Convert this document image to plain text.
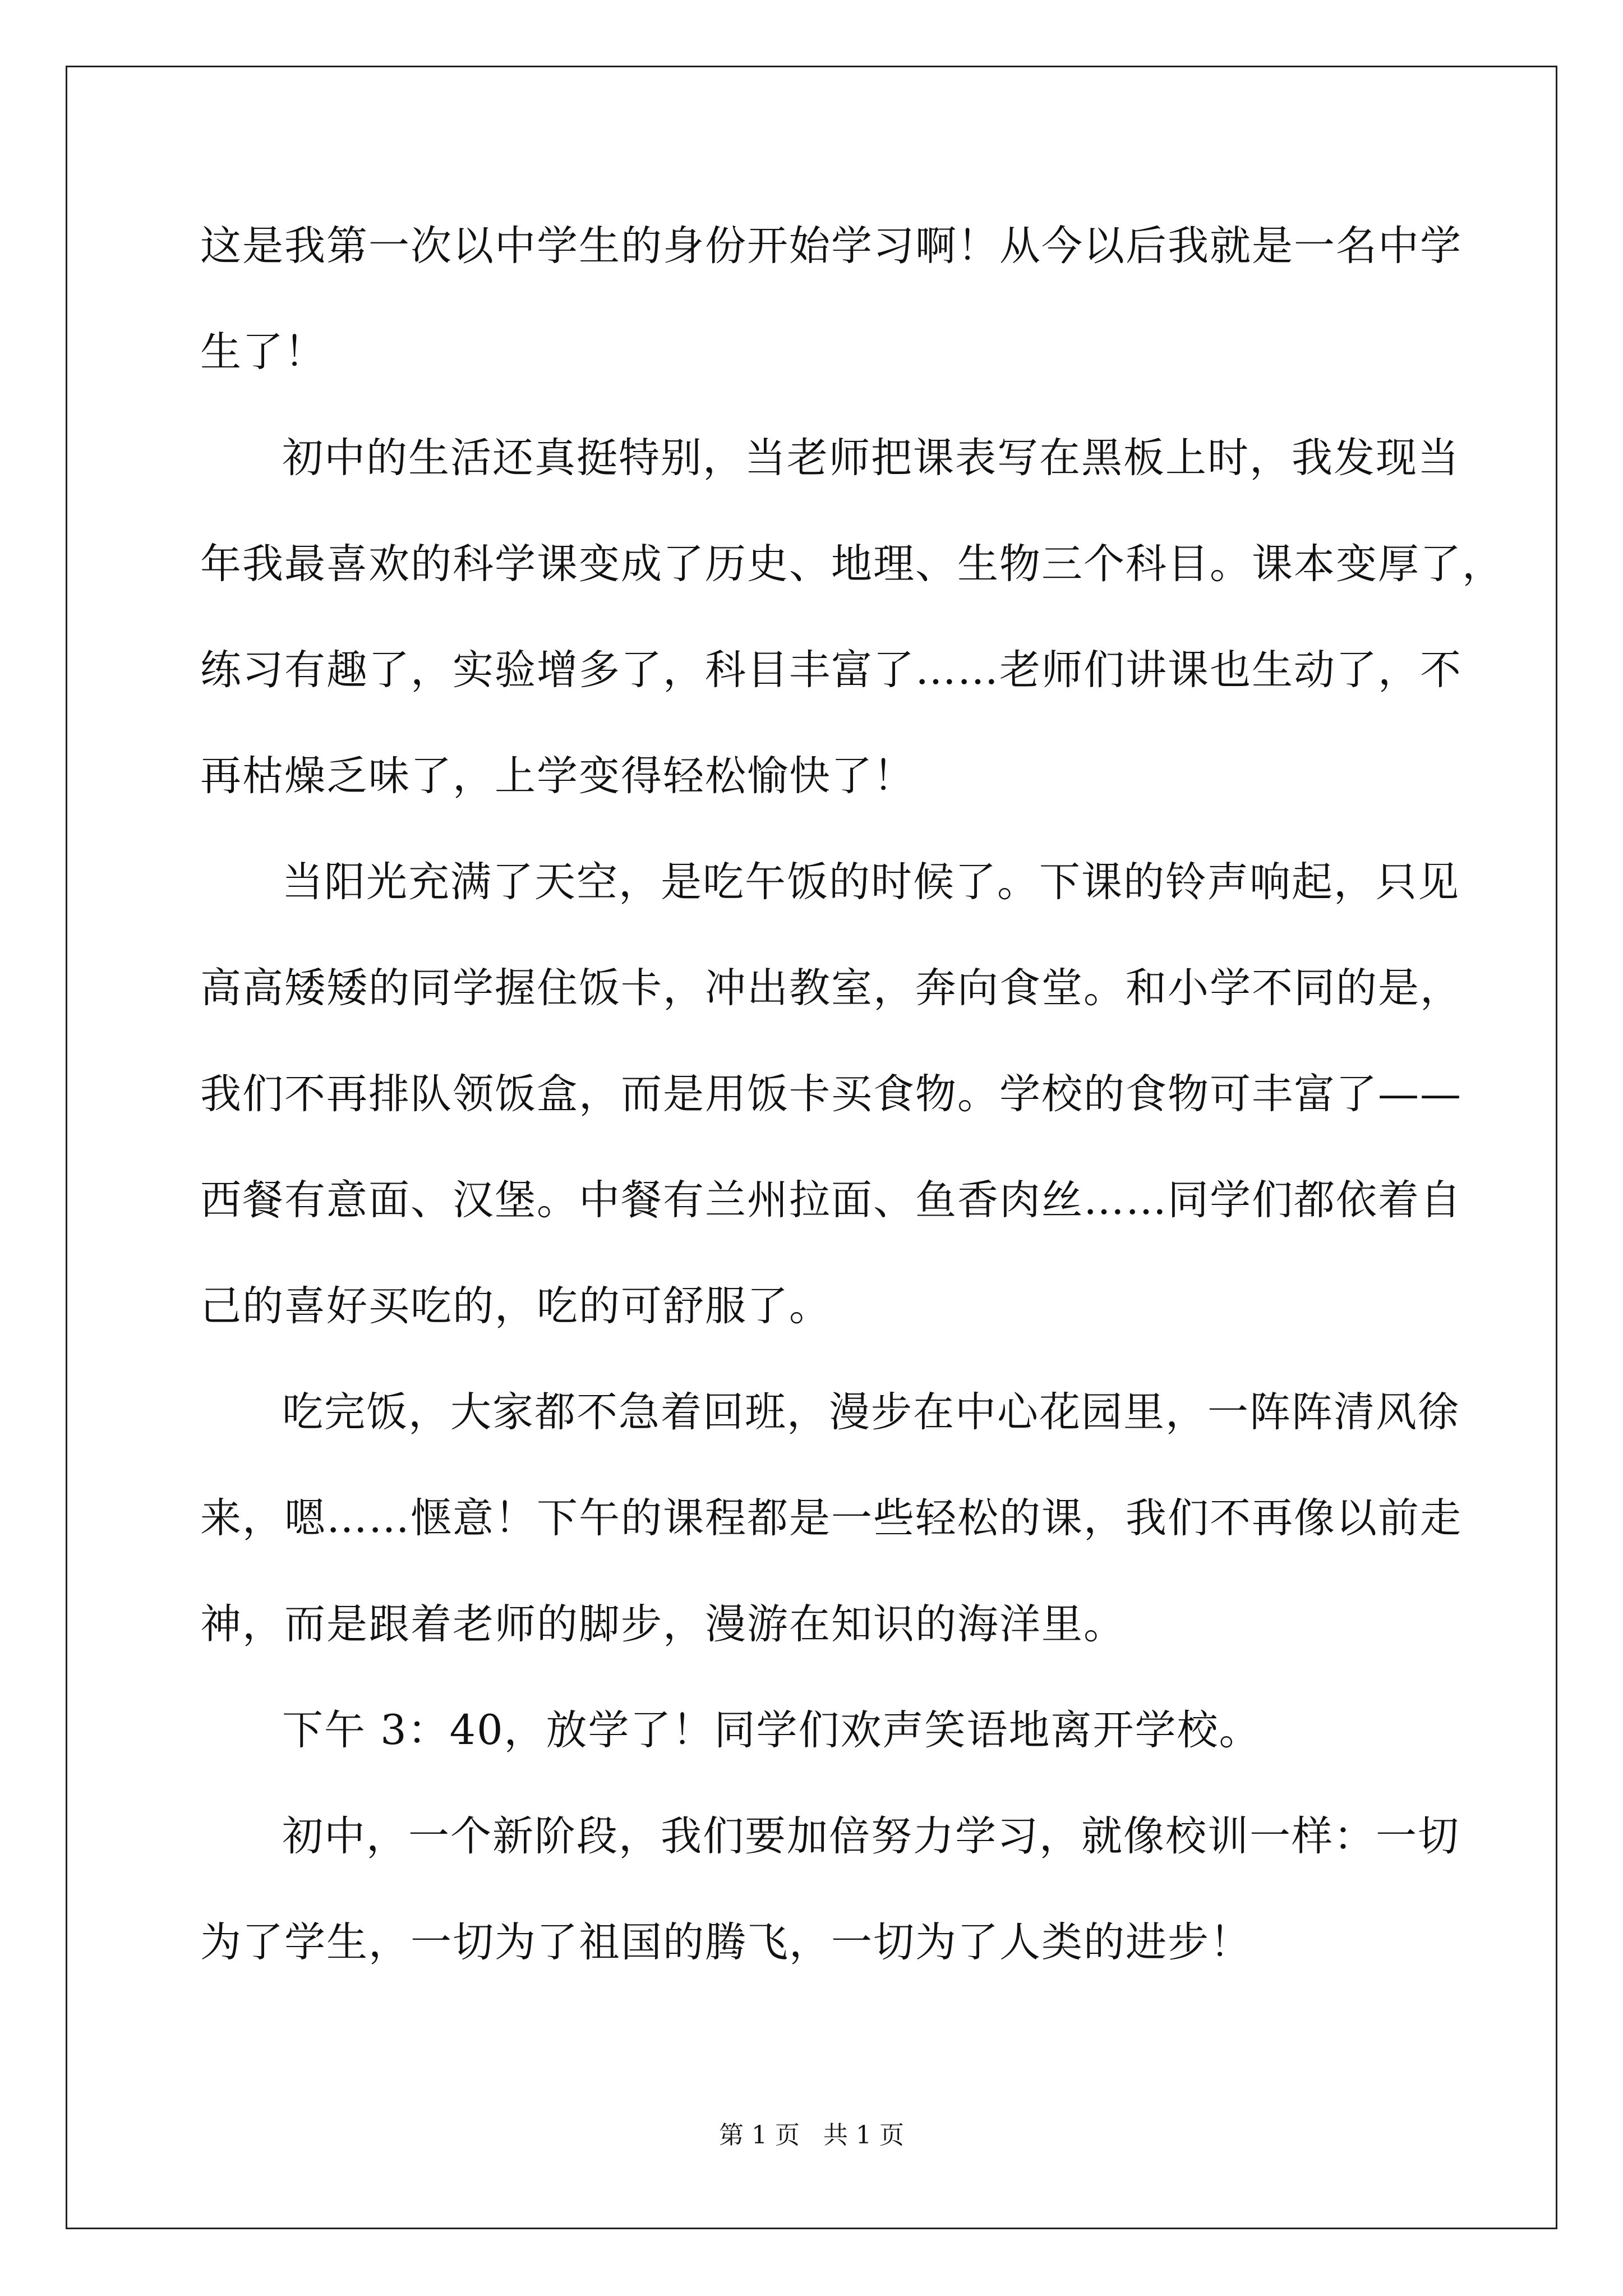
这是我第一次以中学生的身份开始学习啊！从今以后我就是一名中学
生了！
初中的生活还真挺特别，当老师把课表写在黑板上时，我发现当
年我最喜欢的科学课变成了历史、地理、生物三个科目。课本变厚了，
练习有趣了，实验增多了，科目丰富了……老师们讲课也生动了，不
再枯燥乏味了，上学变得轻松愉快了！
当阳光充满了天空，是吃午饭的时候了。下课的铃声响起，只见
高高矮矮的同学握住饭卡，冲出教室，奔向食堂。和小学不同的是，
我们不再排队领饭盒，而是用饭卡买食物。学校的食物可丰富了——
西餐有意面、汉堡。中餐有兰州拉面、鱼香肉丝……同学们都依着自
己的喜好买吃的，吃的可舒服了。
吃完饭，大家都不急着回班，漫步在中心花园里，一阵阵清风徐
来，嗯……惬意！下午的课程都是一些轻松的课，我们不再像以前走
神，而是跟着老师的脚步，漫游在知识的海洋里。
下午 3：40，放学了！同学们欢声笑语地离开学校。
初中，一个新阶段，我们要加倍努力学习，就像校训一样：一切
为了学生，一切为了祖国的腾飞，一切为了人类的进步！
第 1 页   共 1 页
